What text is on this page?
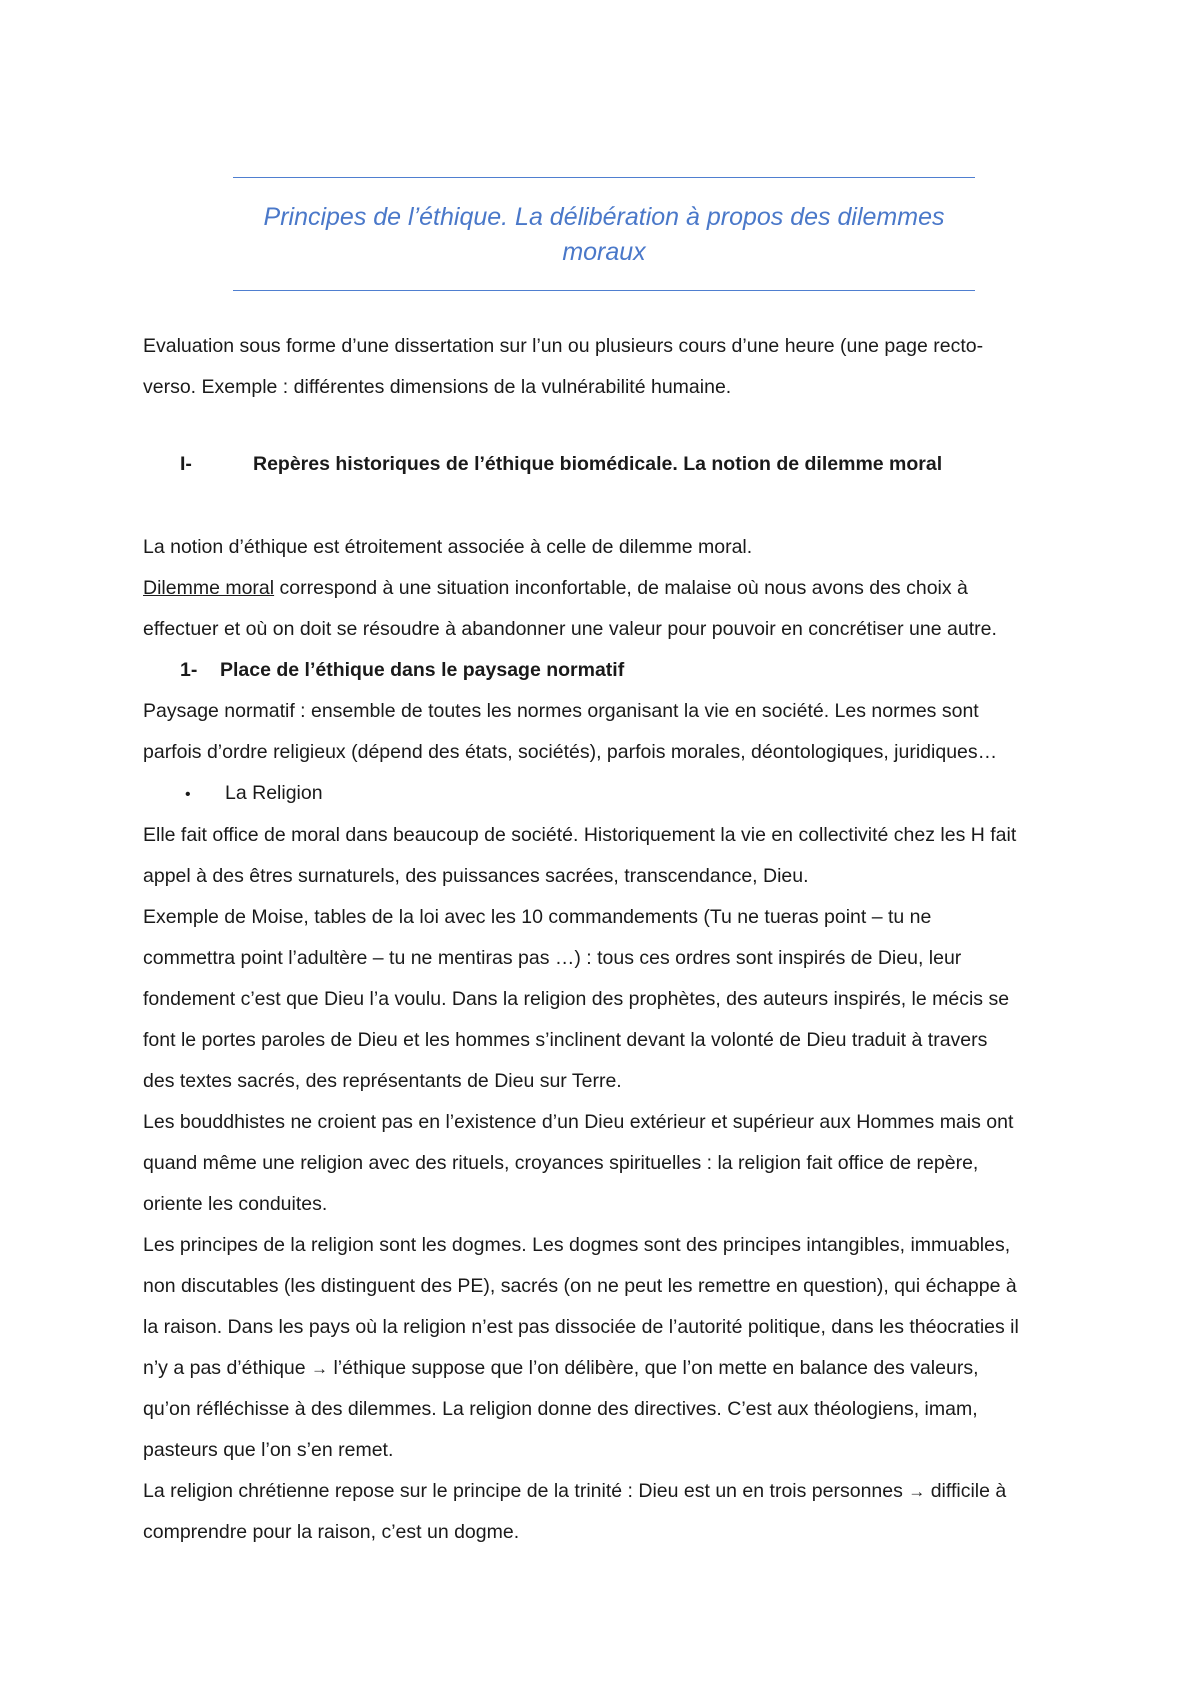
Principes de l’éthique. La délibération à propos des dilemmes moraux
Evaluation sous forme d’une dissertation sur l’un ou plusieurs cours d’une heure (une page recto-
verso. Exemple : différentes dimensions de la vulnérabilité humaine.
I-	Repères historiques de l’éthique biomédicale. La notion de dilemme moral
La notion d’éthique est étroitement associée à celle de dilemme moral.
Dilemme moral correspond à une situation inconfortable, de malaise où nous avons des choix à
effectuer et où on doit se résoudre à abandonner une valeur pour pouvoir en concrétiser une autre.
1- Place de l’éthique dans le paysage normatif
Paysage normatif : ensemble de toutes les normes organisant la vie en société. Les normes sont
parfois d’ordre religieux (dépend des états, sociétés), parfois morales, déontologiques, juridiques…
• La Religion
Elle fait office de moral dans beaucoup de société. Historiquement la vie en collectivité chez les H fait
appel à des êtres surnaturels, des puissances sacrées, transcendance, Dieu.
Exemple de Moise, tables de la loi avec les 10 commandements (Tu ne tueras point – tu ne
commettra point l’adultère – tu ne mentiras pas …) : tous ces ordres sont inspirés de Dieu, leur
fondement c’est que Dieu l’a voulu. Dans la religion des prophètes, des auteurs inspirés, le mécis se
font le portes paroles de Dieu et les hommes s’inclinent devant la volonté de Dieu traduit à travers
des textes sacrés, des représentants de Dieu sur Terre.
Les bouddhistes ne croient pas en l’existence d’un Dieu extérieur et supérieur aux Hommes mais ont
quand même une religion avec des rituels, croyances spirituelles : la religion fait office de repère,
oriente les conduites.
Les principes de la religion sont les dogmes. Les dogmes sont des principes intangibles, immuables,
non discutables (les distinguent des PE), sacrés (on ne peut les remettre en question), qui échappe à
la raison. Dans les pays où la religion n’est pas dissociée de l’autorité politique, dans les théocraties il
n’y a pas d’éthique → l’éthique suppose que l’on délibère, que l’on mette en balance des valeurs,
qu’on réfléchisse à des dilemmes. La religion donne des directives. C’est aux théologiens, imam,
pasteurs que l’on s’en remet.
La religion chrétienne repose sur le principe de la trinité : Dieu est un en trois personnes → difficile à
comprendre pour la raison, c’est un dogme.
